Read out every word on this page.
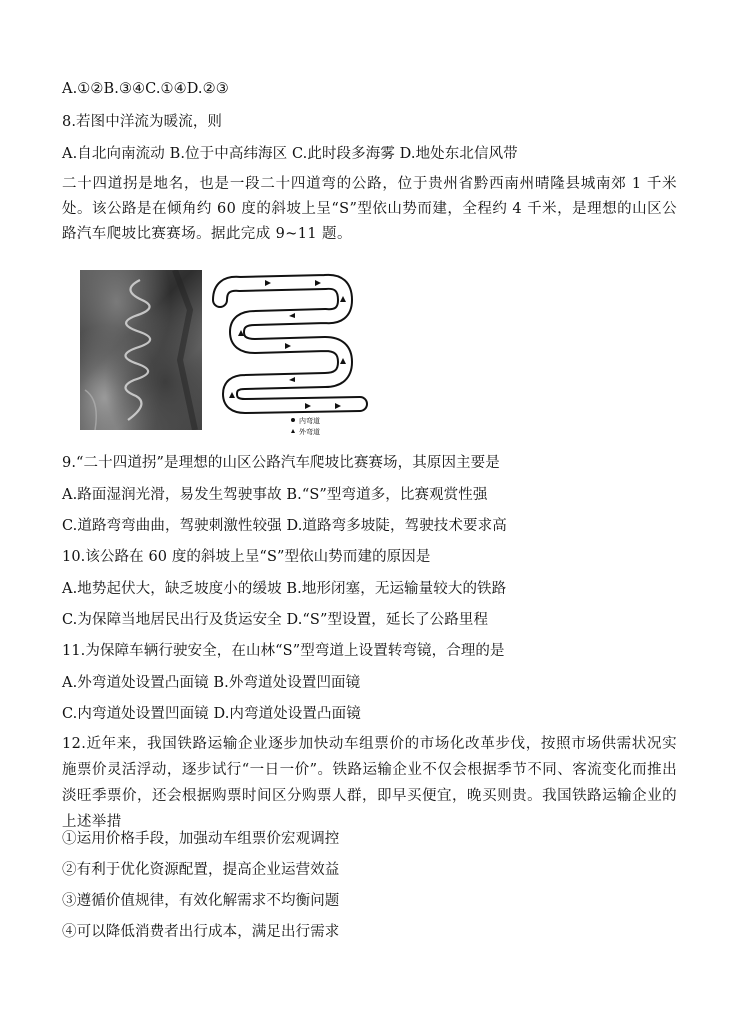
A.①②B.③④C.①④D.②③
8.若图中洋流为暖流，则
A.自北向南流动 B.位于中高纬海区 C.此时段多海雾 D.地处东北信风带
二十四道拐是地名，也是一段二十四道弯的公路，位于贵州省黔西南州晴隆县城南郊 1 千米处。该公路是在倾角约 60 度的斜坡上呈“S”型依山势而建，全程约 4 千米，是理想的山区公路汽车爬坡比赛赛场。据此完成 9~11 题。
内弯道
外弯道
9.“二十四道拐”是理想的山区公路汽车爬坡比赛赛场，其原因主要是
A.路面湿润光滑，易发生驾驶事故 B.“S”型弯道多，比赛观赏性强
C.道路弯弯曲曲，驾驶刺激性较强 D.道路弯多坡陡，驾驶技术要求高
10.该公路在 60 度的斜坡上呈“S”型依山势而建的原因是
A.地势起伏大，缺乏坡度小的缓坡 B.地形闭塞，无运输量较大的铁路
C.为保障当地居民出行及货运安全 D.“S”型设置，延长了公路里程
11.为保障车辆行驶安全，在山林“S”型弯道上设置转弯镜，合理的是
A.外弯道处设置凸面镜 B.外弯道处设置凹面镜
C.内弯道处设置凹面镜 D.内弯道处设置凸面镜
12.近年来，我国铁路运输企业逐步加快动车组票价的市场化改革步伐，按照市场供需状况实施票价灵活浮动，逐步试行“一日一价”。铁路运输企业不仅会根据季节不同、客流变化而推出淡旺季票价，还会根据购票时间区分购票人群，即早买便宜，晚买则贵。我国铁路运输企业的上述举措
①运用价格手段，加强动车组票价宏观调控
②有利于优化资源配置，提高企业运营效益
③遵循价值规律，有效化解需求不均衡问题
④可以降低消费者出行成本，满足出行需求
